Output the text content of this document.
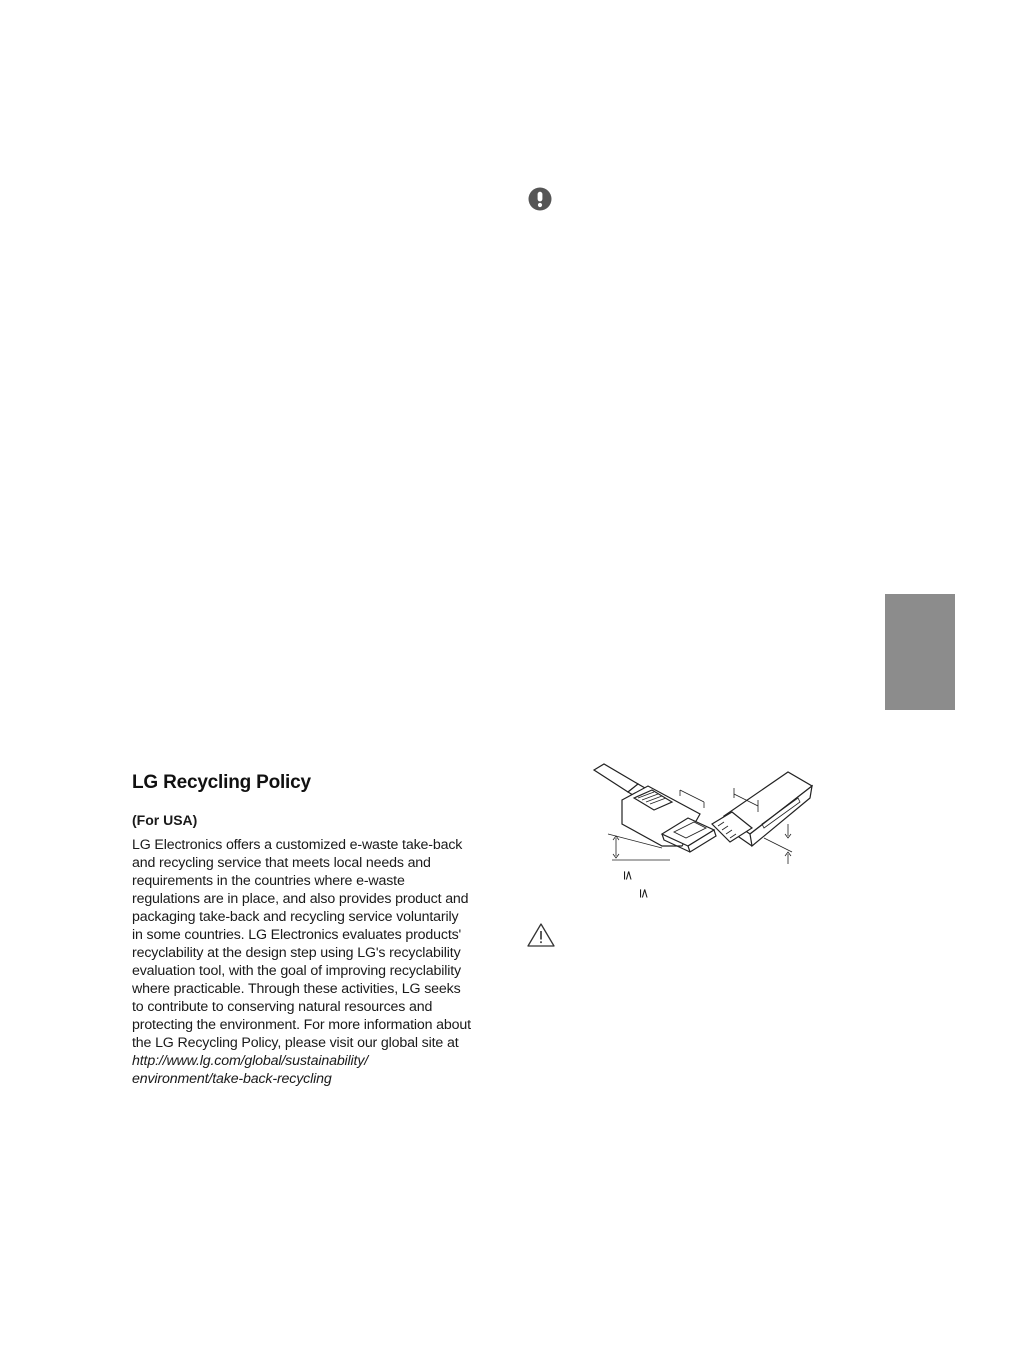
LG Recycling Policy

(For USA)

LG Electronics offers a customized e-waste take-back and recycling service that meets local needs and requirements in the countries where e-waste regulations are in place, and also provides product and packaging take-back and recycling service voluntarily in some countries. LG Electronics evaluates products' recyclability at the design step using LG's recyclability evaluation tool, with the goal of improving recyclability where practicable. Through these activities, LG seeks to contribute to conserving natural resources and protecting the environment. For more information about the LG Recycling Policy, please visit our global site at
http://www.lg.com/global/sustainability/
environment/take-back-recycling

≤
≤
